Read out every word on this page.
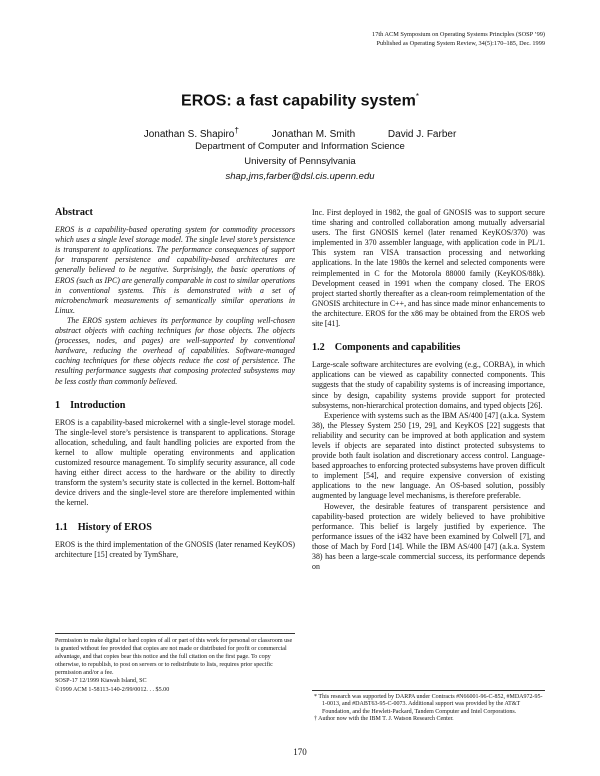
17th ACM Symposium on Operating Systems Principles (SOSP ’99)
Published as Operating System Review, 34(5):170–185, Dec. 1999
EROS: a fast capability system*
Jonathan S. Shapiro†	Jonathan M. Smith	David J. Farber
Department of Computer and Information Science
University of Pennsylvania
shap,jms,farber@dsl.cis.upenn.edu
Abstract

EROS is a capability-based operating system for commodity processors which uses a single level storage model. The single level store’s persistence is transparent to applications. The performance consequences of support for transparent persistence and capability-based architectures are generally believed to be negative. Surprisingly, the basic operations of EROS (such as IPC) are generally comparable in cost to similar operations in conventional systems. This is demonstrated with a set of microbenchmark measurements of semantically similar operations in Linux.

The EROS system achieves its performance by coupling well-chosen abstract objects with caching techniques for those objects. The objects (processes, nodes, and pages) are well-supported by conventional hardware, reducing the overhead of capabilities. Software-managed caching techniques for these objects reduce the cost of persistence. The resulting performance suggests that composing protected subsystems may be less costly than commonly believed.

1 Introduction

EROS is a capability-based microkernel with a single-level storage model. The single-level store’s persistence is transparent to applications. Storage allocation, scheduling, and fault handling policies are exported from the kernel to allow multiple operating environments and application customized resource management. To simplify security assurance, all code having either direct access to the hardware or the ability to directly transform the system’s security state is collected in the kernel. Bottom-half device drivers and the single-level store are therefore implemented within the kernel.

1.1 History of EROS

EROS is the third implementation of the GNOSIS (later renamed KeyKOS) architecture [15] created by TymShare,

Permission to make digital or hard copies of all or part of this work for personal or classroom use is granted without fee provided that copies are not made or distributed for profit or commercial advantage, and that copies bear this notice and the full citation on the first page. To copy otherwise, to republish, to post on servers or to redistribute to lists, requires prior specific permission and/or a fee.

SOSP-17 12/1999 Kiawah Island, SC

©1999 ACM 1-58113-140-2/99/0012. . . $5.00

Inc. First deployed in 1982, the goal of GNOSIS was to support secure time sharing and controlled collaboration among mutually adversarial users. The first GNOSIS kernel (later renamed KeyKOS/370) was implemented in 370 assembler language, with application code in PL/1. This system ran VISA transaction processing and networking applications. In the late 1980s the kernel and selected components were reimplemented in C for the Motorola 88000 family (KeyKOS/88k). Development ceased in 1991 when the company closed. The EROS project started shortly thereafter as a clean-room reimplementation of the GNOSIS architecture in C++, and has since made minor enhancements to the architecture. EROS for the x86 may be obtained from the EROS web site [41].

1.2 Components and capabilities

Large-scale software architectures are evolving (e.g., CORBA), in which applications can be viewed as capability connected components. This suggests that the study of capability systems is of increasing importance, since by design, capability systems provide support for protected subsystems, non-hierarchical protection domains, and typed objects [26].

Experience with systems such as the IBM AS/400 [47] (a.k.a. System 38), the Plessey System 250 [19, 29], and KeyKOS [22] suggests that reliability and security can be improved at both application and system levels if objects are separated into distinct protected subsystems to provide both fault isolation and discretionary access control. Language-based approaches to enforcing protected subsystems have proven difficult to implement [54], and require expensive conversion of existing applications to the new language. An OS-based solution, possibly augmented by language level mechanisms, is therefore preferable.

However, the desirable features of transparent persistence and capability-based protection are widely believed to have prohibitive performance. This belief is largely justified by experience. The performance issues of the i432 have been examined by Colwell [7], and those of Mach by Ford [14]. While the IBM AS/400 [47] (a.k.a. System 38) has been a large-scale commercial success, its performance depends on

* This research was supported by DARPA under Contracts #N66001-96-C-852, #MDA972-95-1-0013, and #DABT63-95-C-0073. Additional support was provided by the AT&T Foundation, and the Hewlett-Packard, Tandem Computer and Intel Corporations.
† Author now with the IBM T. J. Watson Research Center.
170
